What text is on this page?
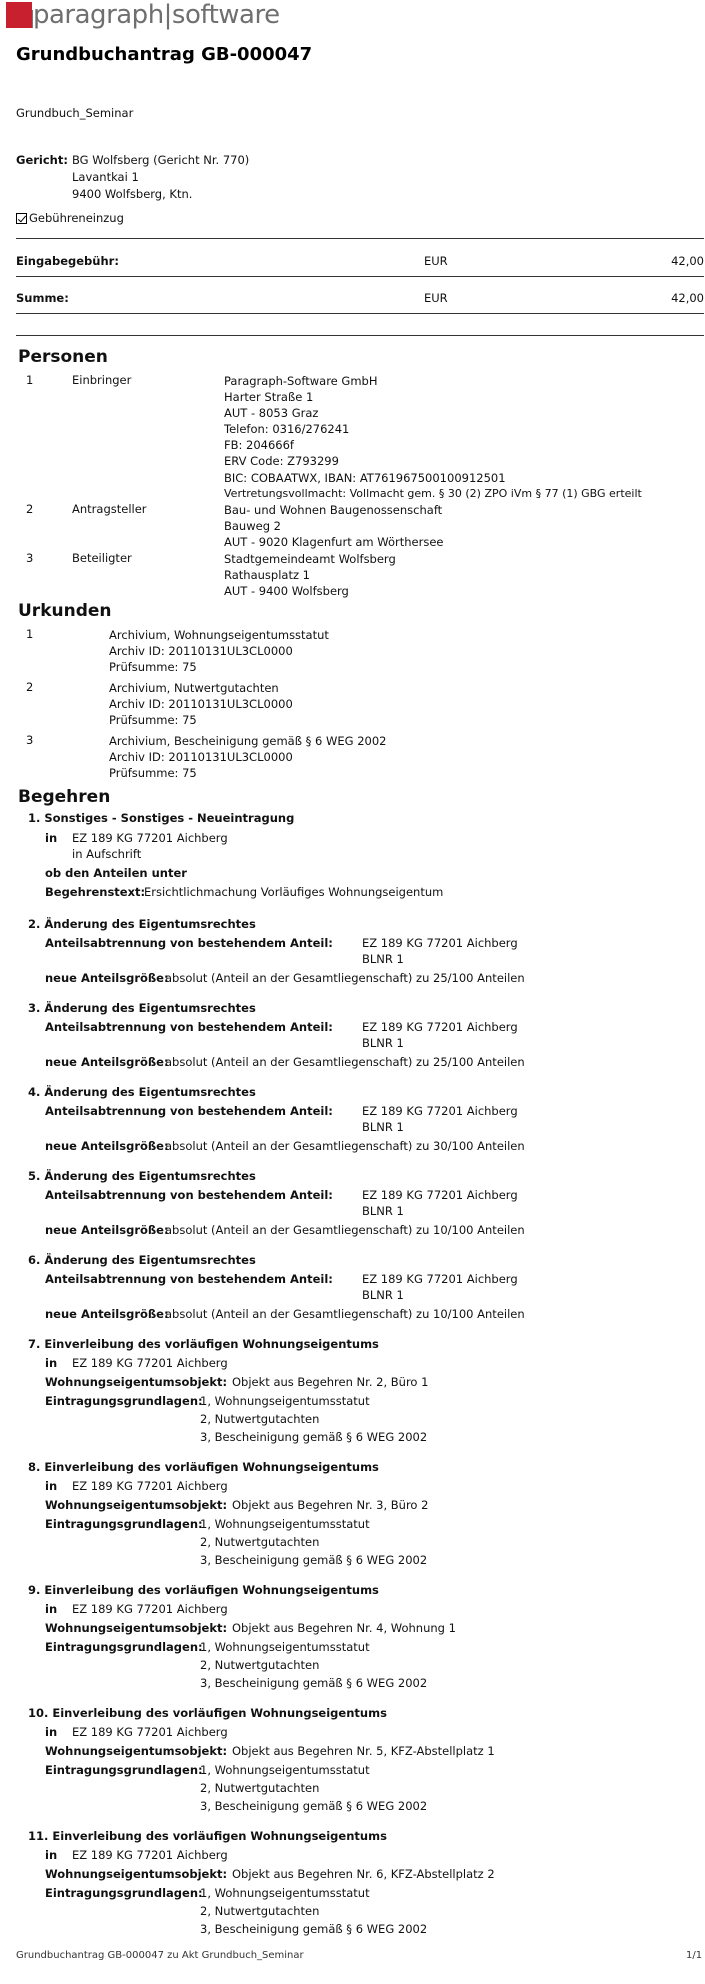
paragraph|software
Grundbuchantrag GB-000047
Grundbuch_Seminar
Gericht: BG Wolfsberg (Gericht Nr. 770)
Lavantkai 1
9400 Wolfsberg, Ktn.
Gebühreneinzug
Eingabegebühr:	EUR	42,00
Summe:	EUR	42,00
Personen
1	Einbringer	Paragraph-Software GmbH
Harter Straße 1
AUT - 8053 Graz
Telefon: 0316/276241
FB: 204666f
ERV Code: Z793299
BIC: COBAATWX, IBAN: AT761967500100912501
Vertretungsvollmacht: Vollmacht gem. § 30 (2) ZPO iVm § 77 (1) GBG erteilt
2	Antragsteller	Bau- und Wohnen Baugenossenschaft
Bauweg 2
AUT - 9020 Klagenfurt am Wörthersee
3	Beteiligter	Stadtgemeindeamt Wolfsberg
Rathausplatz 1
AUT - 9400 Wolfsberg
Urkunden
1	Archivium, Wohnungseigentumsstatut
Archiv ID: 20110131UL3CL0000
Prüfsumme: 75
2	Archivium, Nutwertgutachten
Archiv ID: 20110131UL3CL0000
Prüfsumme: 75
3	Archivium, Bescheinigung gemäß § 6 WEG 2002
Archiv ID: 20110131UL3CL0000
Prüfsumme: 75
Begehren
1. Sonstiges - Sonstiges - Neueintragung
in EZ 189 KG 77201 Aichberg
in Aufschrift
ob den Anteilen unter
Begehrenstext:
Ersichtlichmachung Vorläufiges Wohnungseigentum
2. Änderung des Eigentumsrechtes
Anteilsabtrennung von bestehendem Anteil:	EZ 189 KG 77201 Aichberg
BLNR 1
neue Anteilsgröße:
absolut (Anteil an der Gesamtliegenschaft) zu 25/100 Anteilen
3. Änderung des Eigentumsrechtes
Anteilsabtrennung von bestehendem Anteil:	EZ 189 KG 77201 Aichberg
BLNR 1
neue Anteilsgröße:
absolut (Anteil an der Gesamtliegenschaft) zu 25/100 Anteilen
4. Änderung des Eigentumsrechtes
Anteilsabtrennung von bestehendem Anteil:	EZ 189 KG 77201 Aichberg
BLNR 1
neue Anteilsgröße:
absolut (Anteil an der Gesamtliegenschaft) zu 30/100 Anteilen
5. Änderung des Eigentumsrechtes
Anteilsabtrennung von bestehendem Anteil:	EZ 189 KG 77201 Aichberg
BLNR 1
neue Anteilsgröße:
absolut (Anteil an der Gesamtliegenschaft) zu 10/100 Anteilen
6. Änderung des Eigentumsrechtes
Anteilsabtrennung von bestehendem Anteil:	EZ 189 KG 77201 Aichberg
BLNR 1
neue Anteilsgröße:
absolut (Anteil an der Gesamtliegenschaft) zu 10/100 Anteilen
7. Einverleibung des vorläufigen Wohnungseigentums
in EZ 189 KG 77201 Aichberg
Wohnungseigentumsobjekt: Objekt aus Begehren Nr. 2, Büro 1
Eintragungsgrundlagen:
1, Wohnungseigentumsstatut
2, Nutwertgutachten
3, Bescheinigung gemäß § 6 WEG 2002
8. Einverleibung des vorläufigen Wohnungseigentums
in EZ 189 KG 77201 Aichberg
Wohnungseigentumsobjekt: Objekt aus Begehren Nr. 3, Büro 2
Eintragungsgrundlagen:
1, Wohnungseigentumsstatut
2, Nutwertgutachten
3, Bescheinigung gemäß § 6 WEG 2002
9. Einverleibung des vorläufigen Wohnungseigentums
in EZ 189 KG 77201 Aichberg
Wohnungseigentumsobjekt: Objekt aus Begehren Nr. 4, Wohnung 1
Eintragungsgrundlagen:
1, Wohnungseigentumsstatut
2, Nutwertgutachten
3, Bescheinigung gemäß § 6 WEG 2002
10. Einverleibung des vorläufigen Wohnungseigentums
in EZ 189 KG 77201 Aichberg
Wohnungseigentumsobjekt: Objekt aus Begehren Nr. 5, KFZ-Abstellplatz 1
Eintragungsgrundlagen:
1, Wohnungseigentumsstatut
2, Nutwertgutachten
3, Bescheinigung gemäß § 6 WEG 2002
11. Einverleibung des vorläufigen Wohnungseigentums
in EZ 189 KG 77201 Aichberg
Wohnungseigentumsobjekt: Objekt aus Begehren Nr. 6, KFZ-Abstellplatz 2
Eintragungsgrundlagen:
1, Wohnungseigentumsstatut
2, Nutwertgutachten
3, Bescheinigung gemäß § 6 WEG 2002
Grundbuchantrag GB-000047 zu Akt Grundbuch_Seminar	1/1
